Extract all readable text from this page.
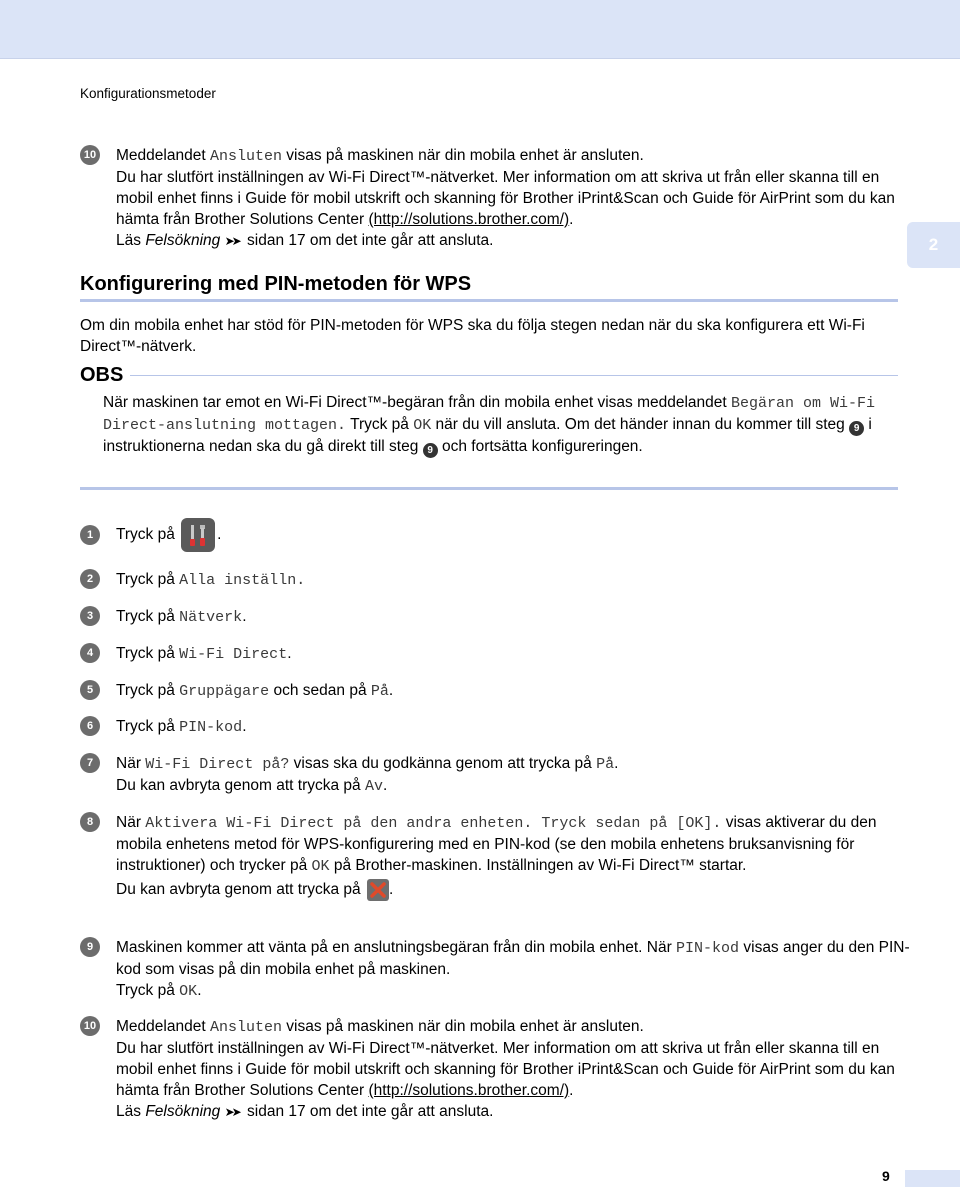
Konfigurationsmetoder
2
10 Meddelandet Ansluten visas på maskinen när din mobila enhet är ansluten.
Du har slutfört inställningen av Wi-Fi Direct™-nätverket. Mer information om att skriva ut från eller skanna till en mobil enhet finns i Guide för mobil utskrift och skanning för Brother iPrint&Scan och Guide för AirPrint som du kan hämta från Brother Solutions Center (http://solutions.brother.com/).
Läs Felsökning ➤➤ sidan 17 om det inte går att ansluta.
Konfigurering med PIN-metoden för WPS
Om din mobila enhet har stöd för PIN-metoden för WPS ska du följa stegen nedan när du ska konfigurera ett Wi-Fi Direct™-nätverk.
OBS
När maskinen tar emot en Wi-Fi Direct™-begäran från din mobila enhet visas meddelandet Begäran om Wi-Fi Direct-anslutning mottagen. Tryck på OK när du vill ansluta. Om det händer innan du kommer till steg 9 i instruktionerna nedan ska du gå direkt till steg 9 och fortsätta konfigureringen.
1	Tryck på
.
2	Tryck på Alla inställn.
3	Tryck på Nätverk.
4	Tryck på Wi-Fi Direct.
5	Tryck på Gruppägare och sedan på På.
6	Tryck på PIN-kod.
7	När Wi-Fi Direct på? visas ska du godkänna genom att trycka på På.
Du kan avbryta genom att trycka på Av.
8	När Aktivera Wi-Fi Direct på den andra enheten. Tryck sedan på [OK]. visas aktiverar du den mobila enhetens metod för WPS-konfigurering med en PIN-kod (se den mobila enhetens bruksanvisning för instruktioner) och trycker på OK på Brother-maskinen. Inställningen av Wi-Fi Direct™ startar.
Du kan avbryta genom att trycka på .
9	Maskinen kommer att vänta på en anslutningsbegäran från din mobila enhet. När PIN-kod visas anger du den PIN-kod som visas på din mobila enhet på maskinen.
Tryck på OK.
10 Meddelandet Ansluten visas på maskinen när din mobila enhet är ansluten.
Du har slutfört inställningen av Wi-Fi Direct™-nätverket. Mer information om att skriva ut från eller skanna till en mobil enhet finns i Guide för mobil utskrift och skanning för Brother iPrint&Scan och Guide för AirPrint som du kan hämta från Brother Solutions Center (http://solutions.brother.com/).
Läs Felsökning ➤➤ sidan 17 om det inte går att ansluta.
9
